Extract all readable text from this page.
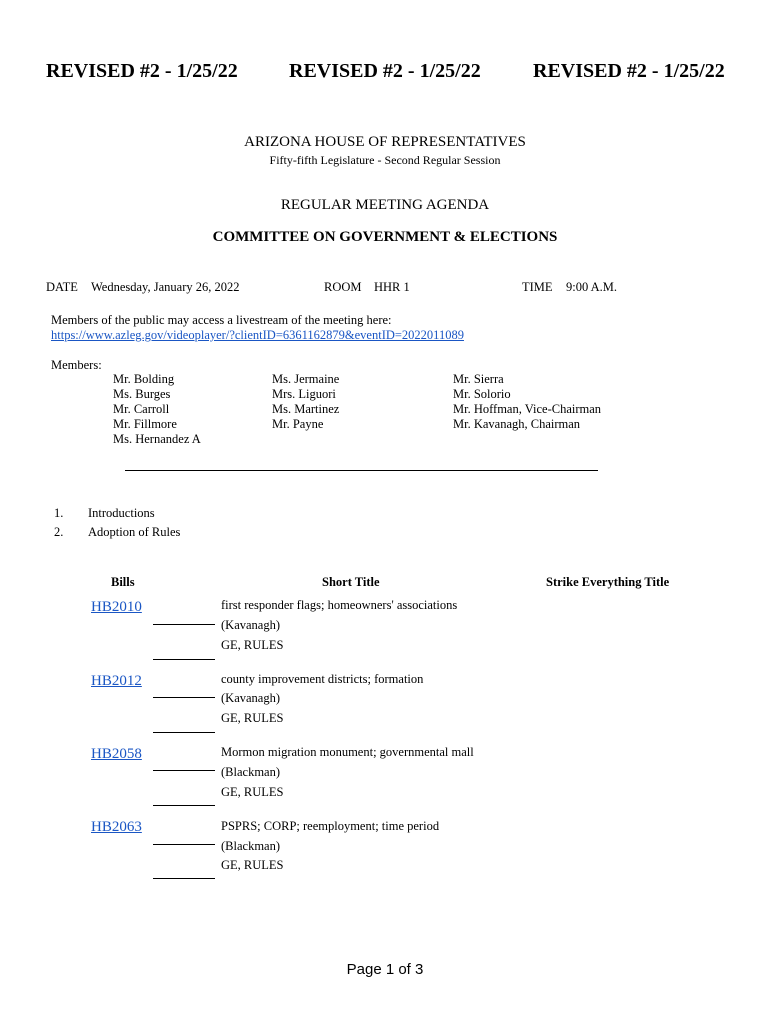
REVISED #2 - 1/25/22	REVISED #2 - 1/25/22	REVISED #2 - 1/25/22
ARIZONA HOUSE OF REPRESENTATIVES
Fifty-fifth Legislature - Second Regular Session
REGULAR MEETING AGENDA
COMMITTEE ON GOVERNMENT & ELECTIONS
DATE Wednesday, January 26, 2022	ROOM HHR 1	TIME 9:00 A.M.
Members of the public may access a livestream of the meeting here:
https://www.azleg.gov/videoplayer/?clientID=6361162879&eventID=2022011089
Members:
Mr. Bolding
Ms. Burges
Mr. Carroll
Mr. Fillmore
Ms. Hernandez A
Ms. Jermaine
Mrs. Liguori
Ms. Martinez
Mr. Payne
Mr. Sierra
Mr. Solorio
Mr. Hoffman, Vice-Chairman
Mr. Kavanagh, Chairman
1. Introductions
2. Adoption of Rules
Bills	Short Title	Strike Everything Title
HB2010	first responder flags; homeowners' associations
(Kavanagh)
GE, RULES
HB2012	county improvement districts; formation
(Kavanagh)
GE, RULES
HB2058	Mormon migration monument; governmental mall
(Blackman)
GE, RULES
HB2063	PSPRS; CORP; reemployment; time period
(Blackman)
GE, RULES
Page 1 of 3
